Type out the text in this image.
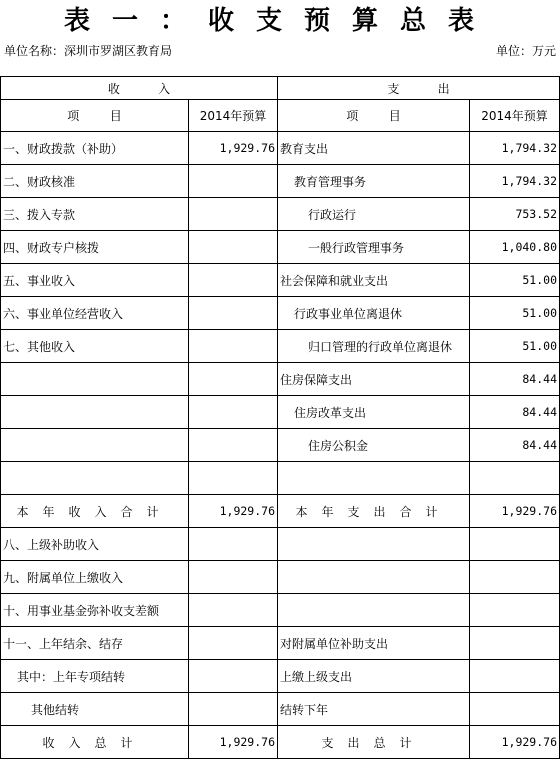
表一：收支预算总表
单位名称：深圳市罗湖区教育局	单位：万元
收          入		支          出	
项        目	2014年预算	项        目	2014年预算
一、财政拨款（补助）	1,929.76	教育支出	1,794.32
二、财政核准		教育管理事务	1,794.32
三、拨入专款		行政运行	753.52
四、财政专户核拨		一般行政管理事务	1,040.80
五、事业收入		社会保障和就业支出	51.00
六、事业单位经营收入		行政事业单位离退休	51.00
七、其他收入		归口管理的行政单位离退休	51.00
		住房保障支出	84.44
		住房改革支出	84.44
		住房公积金	84.44

本年收入合计	1,929.76	本年支出合计	1,929.76
八、上级补助收入			
九、附属单位上缴收入			
十、用事业基金弥补收支差额			
十一、上年结余、结存		对附属单位补助支出	
其中：上年专项结转		上缴上级支出	
其他结转		结转下年	
收入总计	1,929.76	支出总计	1,929.76
